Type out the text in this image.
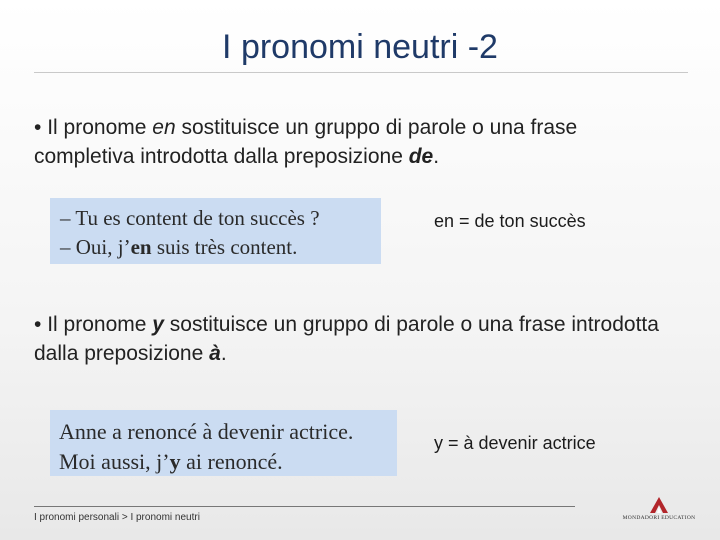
I pronomi neutri -2
• Il pronome en sostituisce un gruppo di parole o una frase completiva introdotta dalla preposizione de.
– Tu es content de ton succès ?
– Oui, j’en suis très content.
en = de ton succès
• Il pronome y sostituisce un gruppo di parole o una frase introdotta dalla preposizione à.
Anne a renoncé à devenir actrice.
Moi aussi, j’y ai renoncé.
y = à devenir actrice
I pronomi personali > I pronomi neutri	MONDADORI EDUCATION
